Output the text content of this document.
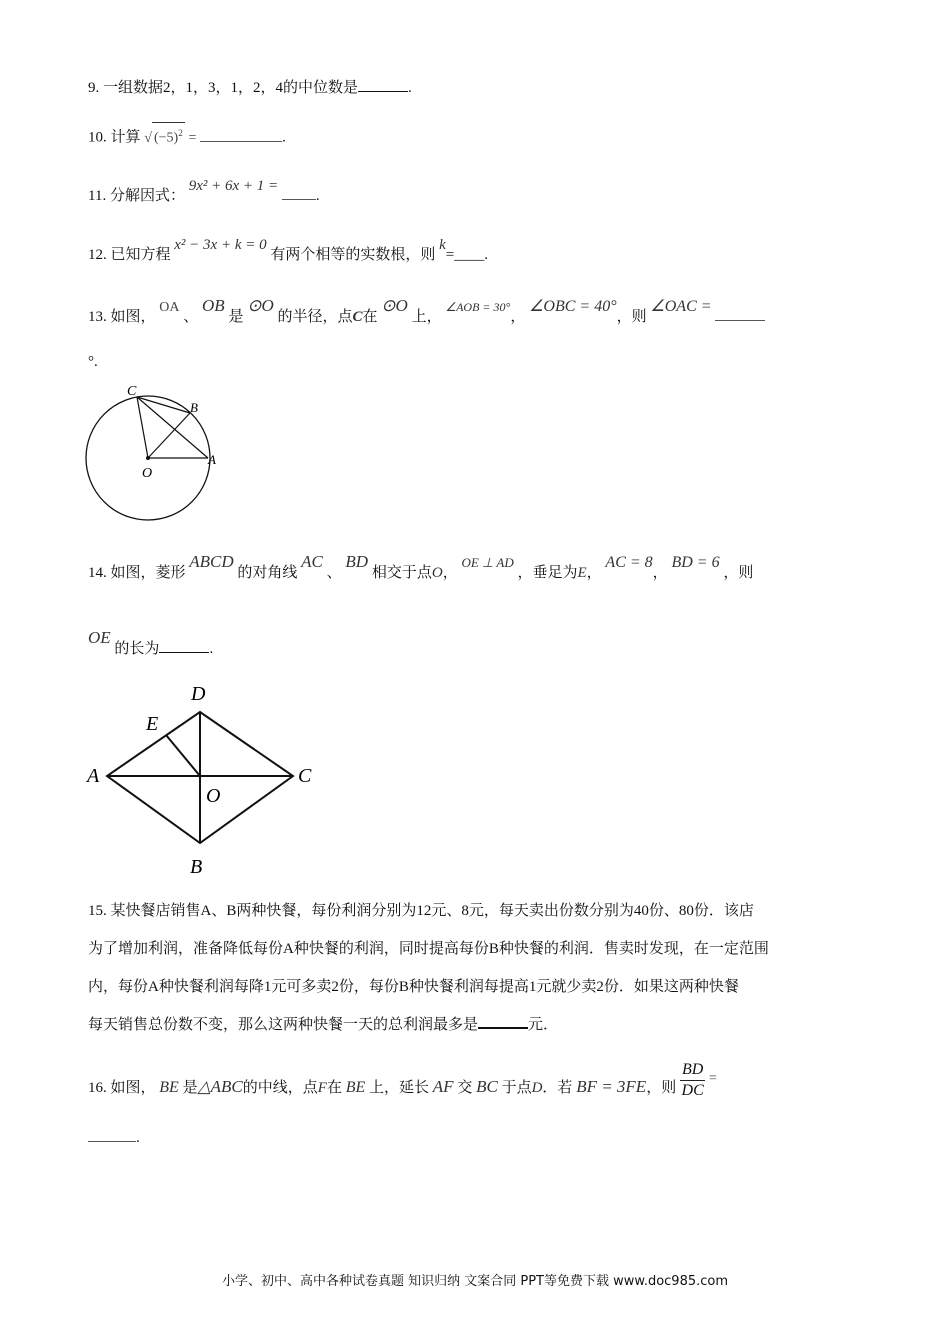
9. 一组数据2，1，3，1，2，4的中位数是	.
10. 计算 √ $(-5)^2$ =	.
11. 分解因式： 9x² + 6x + 1 = .
12. 已知方程 x² − 3x + k = 0 有两个相等的实数根，则 k=____.
13. 如图， OA 、 OB 是 ⊙O 的半径，点C在 ⊙O 上， $^{\angle AOB = 30^\circ}$， ∠OBC = 40°，则 ∠OAC =
°.
C
B
A
O
14. 如图，菱形 ABCD 的对角线 AC 、 BD 相交于点O， OE ⊥ AD ，垂足为E， AC = 8， BD = 6 ，则
OE 的长为	.
D
E
A	C
O
B
15. 某快餐店销售A、B两种快餐，每份利润分别为12元、8元，每天卖出份数分别为40份、80份．该店
为了增加利润，准备降低每份A种快餐的利润，同时提高每份B种快餐的利润．售卖时发现，在一定范围
内，每份A种快餐利润每降1元可多卖2份，每份B种快餐利润每提高1元就少卖2份．如果这两种快餐
每天销售总份数不变，那么这两种快餐一天的总利润最多是	元．
16. 如图， BE 是△ABC的中线，点F在 BE 上，延长 AF 交 BC 于点D．若 BF = 3FE，则 $\frac{BD}{DC}$ =
.
小学、初中、高中各种试卷真题 知识归纳 文案合同 PPT等免费下载 www.doc985.com
